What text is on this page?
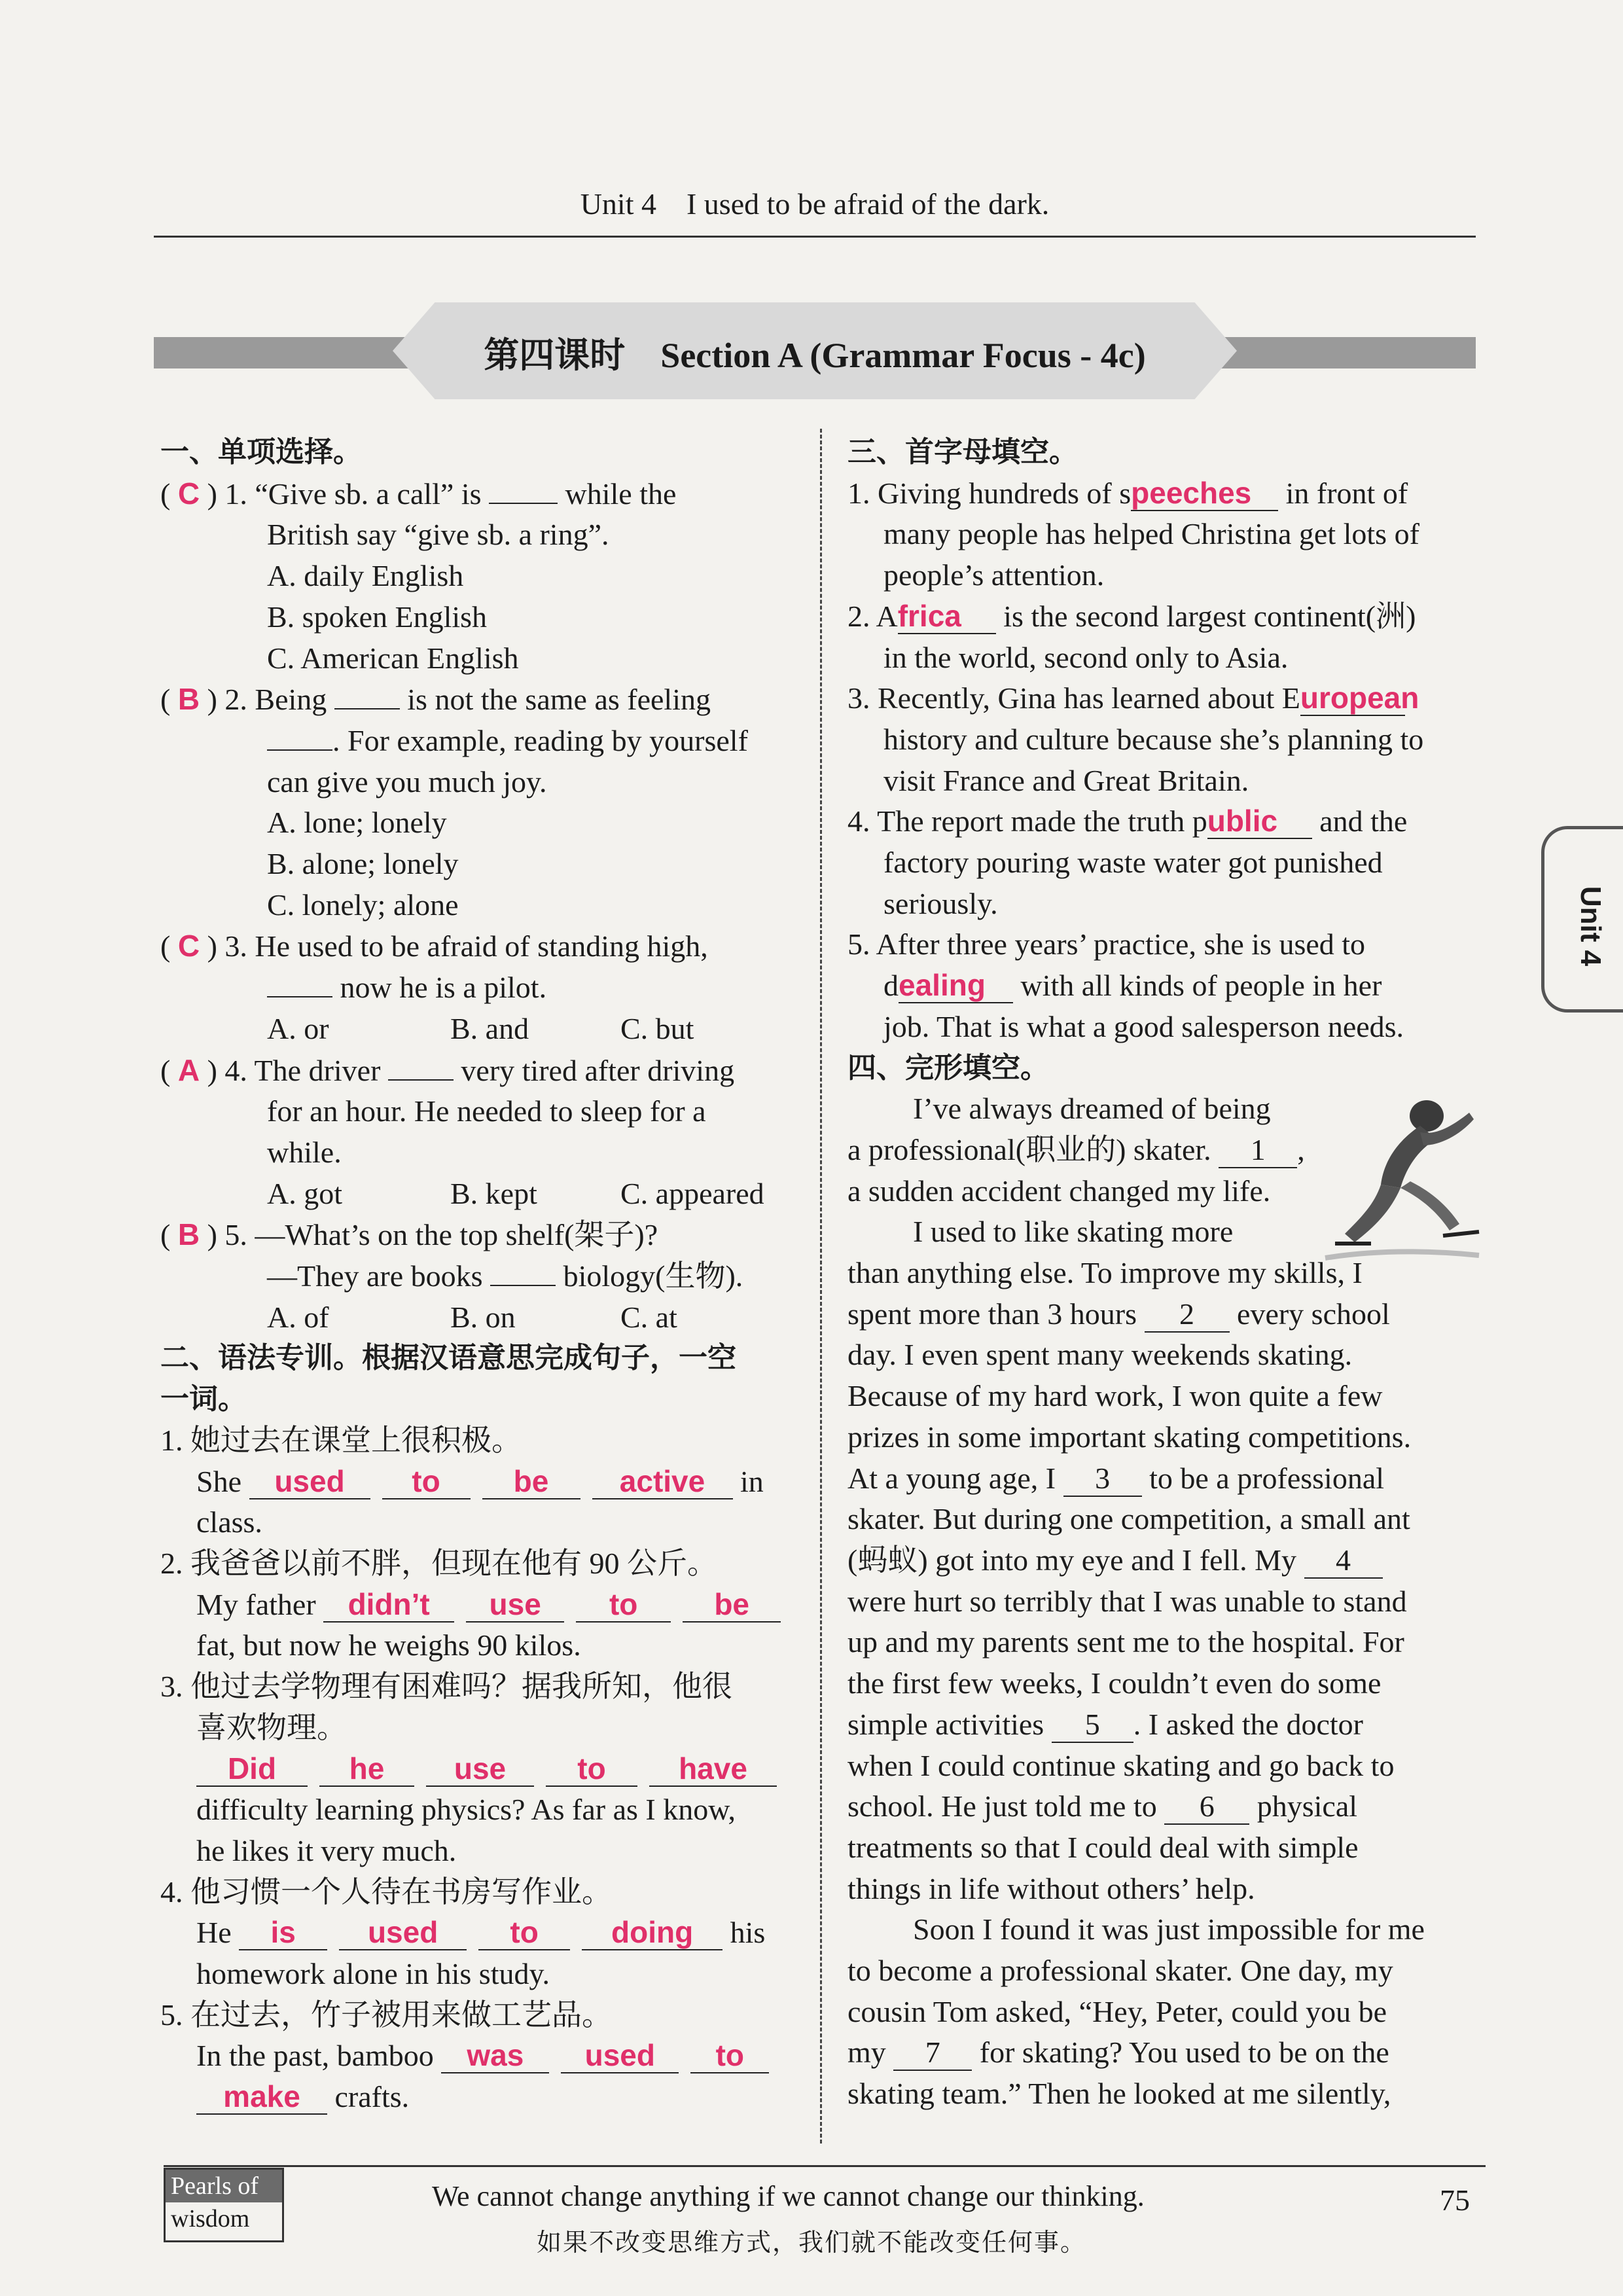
Unit 4    I used to be afraid of the dark.
第四课时    Section A (Grammar Focus - 4c)
Unit 4
一、单项选择。
( C ) 1. “Give sb. a call” is	while the
British say “give sb. a ring”.
A. daily English
B. spoken English
C. American English
( B ) 2. Being	is not the same as feeling
. For example, reading by yourself
can give you much joy.
A. lone; lonely
B. alone; lonely
C. lonely; alone
( C ) 3. He used to be afraid of standing high,
now he is a pilot.
A. or	B. and	C. but
( A ) 4. The driver	very tired after driving
for an hour. He needed to sleep for a
while.
A. got	B. kept	C. appeared
( B ) 5. —What’s on the top shelf(架子)?
—They are books	biology(生物).
A. of	B. on	C. at
二、语法专训。根据汉语意思完成句子，一空
一词。
1. 她过去在课堂上很积极。
She used to be active in
class.
2. 我爸爸以前不胖，但现在他有 90 公斤。
My father didn’t use to	be
fat, but now he weighs 90 kilos.
3. 他过去学物理有困难吗？据我所知，他很
喜欢物理。
Did he use to have
difficulty learning physics? As far as I know,
he likes it very much.
4. 他习惯一个人待在书房写作业。
He is used to doing his
homework alone in his study.
5. 在过去，竹子被用来做工艺品。
In the past, bamboo was used to
make crafts.
三、首字母填空。
1. Giving hundreds of speeches in front of
many people has helped Christina get lots of
people’s attention.
2. Africa is the second largest continent(洲)
in the world, second only to Asia.
3. Recently, Gina has learned about European
history and culture because she’s planning to
visit France and Great Britain.
4. The report made the truth public and the
factory pouring waste water got punished
seriously.
5. After three years’ practice, she is used to
dealing with all kinds of people in her
job. That is what a good salesperson needs.
四、完形填空。
I’ve always dreamed of being
a professional(职业的) skater. 1 ,
a sudden accident changed my life.
I used to like skating more
than anything else. To improve my skills, I
spent more than 3 hours 2 every school
day. I even spent many weekends skating.
Because of my hard work, I won quite a few
prizes in some important skating competitions.
At a young age, I 3 to be a professional
skater. But during one competition, a small ant
(蚂蚁) got into my eye and I fell. My 4
were hurt so terribly that I was unable to stand
up and my parents sent me to the hospital. For
the first few weeks, I couldn’t even do some
simple activities 5 . I asked the doctor
when I could continue skating and go back to
school. He just told me to 6 physical
treatments so that I could deal with simple
things in life without others’ help.
Soon I found it was just impossible for me
to become a professional skater. One day, my
cousin Tom asked, “Hey, Peter, could you be
my 7 for skating? You used to be on the
skating team.” Then he looked at me silently,
Pearls of
wisdom
We cannot change anything if we cannot change our thinking.
如果不改变思维方式，我们就不能改变任何事。
75
